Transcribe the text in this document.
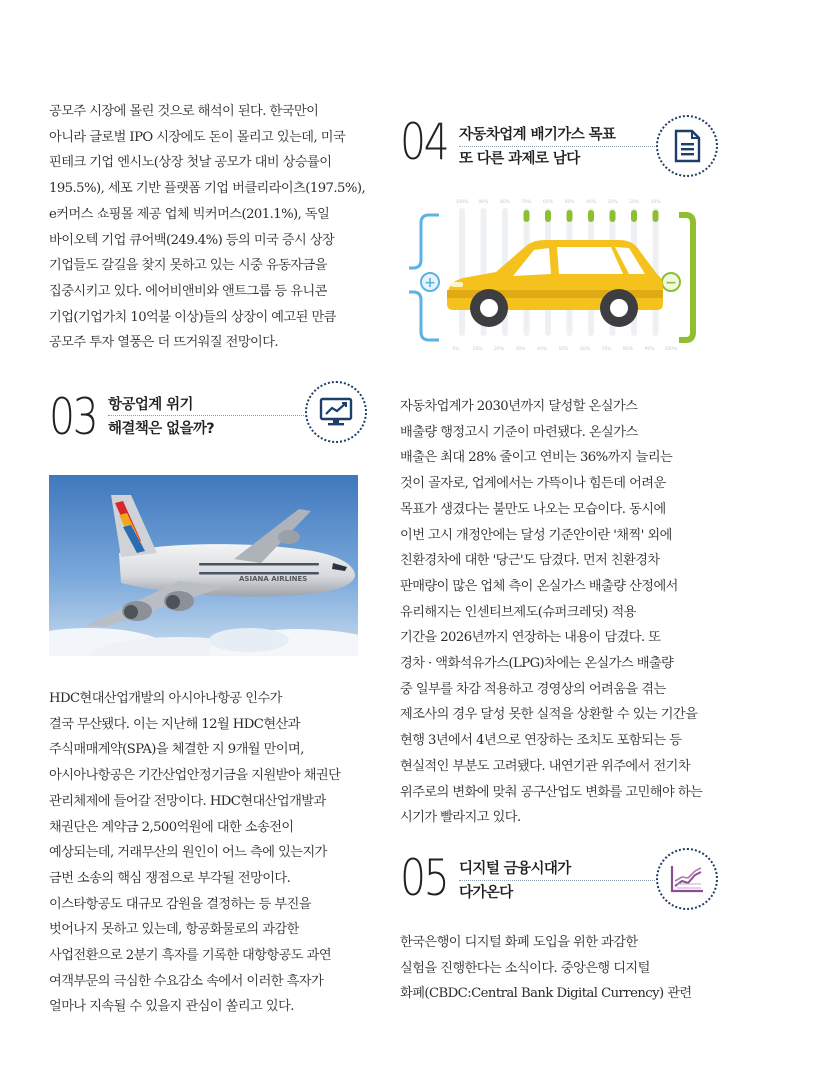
공모주 시장에 몰린 것으로 해석이 된다. 한국만이
아니라 글로벌 IPO 시장에도 돈이 몰리고 있는데, 미국
핀테크 기업 엔시노(상장 첫날 공모가 대비 상승률이
195.5%), 세포 기반 플랫폼 기업 버클리라이츠(197.5%),
e커머스 쇼핑몰 제공 업체 빅커머스(201.1%), 독일
바이오텍 기업 큐어백(249.4%) 등의 미국 증시 상장
기업들도 갈길을 찾지 못하고 있는 시중 유동자금을
집중시키고 있다. 에어비앤비와 앤트그룹 등 유니콘
기업(기업가치 10억불 이상)들의 상장이 예고된 만큼
공모주 투자 열풍은 더 뜨거워질 전망이다.
03 항공업계 위기
해결책은 없을까?
ASIANA AIRLINES
HDC현대산업개발의 아시아나항공 인수가
결국 무산됐다. 이는 지난해 12월 HDC현산과
주식매매계약(SPA)을 체결한 지 9개월 만이며,
아시아나항공은 기간산업안정기금을 지원받아 채권단
관리체제에 들어갈 전망이다. HDC현대산업개발과
채권단은 계약금 2,500억원에 대한 소송전이
예상되는데, 거래무산의 원인이 어느 측에 있는지가
금번 소송의 핵심 쟁점으로 부각될 전망이다.
이스타항공도 대규모 감원을 결정하는 등 부진을
벗어나지 못하고 있는데, 항공화물로의 과감한
사업전환으로 2분기 흑자를 기록한 대항항공도 과연
여객부문의 극심한 수요감소 속에서 이러한 흑자가
얼마나 지속될 수 있을지 관심이 쏠리고 있다.
04 자동차업계 배기가스 목표
또 다른 과제로 남다
100% 90%	80%	70%	60%	50%	40%	30%	20%	10%
0%	10%	20%	30%	40%	50%	60%	70%	80%	90% 100%
+	−
자동차업계가 2030년까지 달성할 온실가스
배출량 행정고시 기준이 마련됐다. 온실가스
배출은 최대 28% 줄이고 연비는 36%까지 늘리는
것이 골자로, 업계에서는 가뜩이나 힘든데 어려운
목표가 생겼다는 불만도 나오는 모습이다. 동시에
이번 고시 개정안에는 달성 기준안이란 '채찍' 외에
친환경차에 대한 '당근'도 담겼다. 먼저 친환경차
판매량이 많은 업체 측이 온실가스 배출량 산정에서
유리해지는 인센티브제도(슈퍼크레딧) 적용
기간을 2026년까지 연장하는 내용이 담겼다. 또
경차 · 액화석유가스(LPG)차에는 온실가스 배출량
중 일부를 차감 적용하고 경영상의 어려움을 겪는
제조사의 경우 달성 못한 실적을 상환할 수 있는 기간을
현행 3년에서 4년으로 연장하는 조치도 포함되는 등
현실적인 부분도 고려됐다. 내연기관 위주에서 전기차
위주로의 변화에 맞춰 공구산업도 변화를 고민해야 하는
시기가 빨라지고 있다.
05 디지털 금융시대가
다가온다
한국은행이 디지털 화폐 도입을 위한 과감한
실험을 진행한다는 소식이다. 중앙은행 디지털
화폐(CBDC:Central Bank Digital Currency) 관련
